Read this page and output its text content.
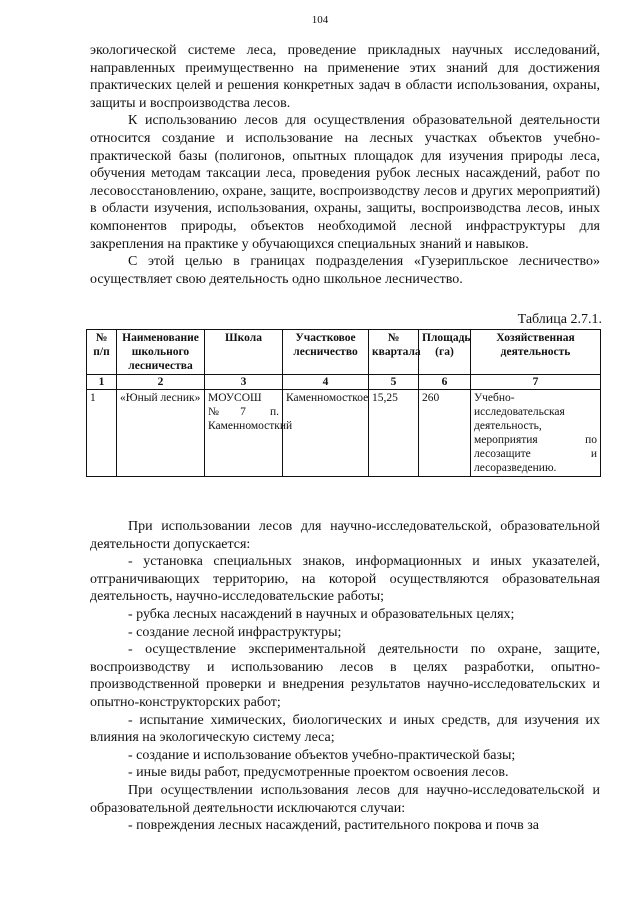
104

экологической системе леса, проведение прикладных научных исследований, направленных преимущественно на применение этих знаний для достижения практических целей и решения конкретных задач в области использования, охраны, защиты и воспроизводства лесов.

К использованию лесов для осуществления образовательной деятельности относится создание и использование на лесных участках объектов учебно-практической базы (полигонов, опытных площадок для изучения природы леса, обучения методам таксации леса, проведения рубок лесных насаждений, работ по лесовосстановлению, охране, защите, воспроизводству лесов и других мероприятий) в области изучения, использования, охраны, защиты, воспроизводства лесов, иных компонентов природы, объектов необходимой лесной инфраструктуры для закрепления на практике у обучающихся специальных знаний и навыков.

С этой целью в границах подразделения «Гузерипльское лесничество» осуществляет свою деятельность одно школьное лесничество.

Таблица 2.7.1.
№ п/п	Наименование школьного лесничества	Школа	Участковое лесничество	№ квартала	Площадь (га)	Хозяйственная деятельность
1	2	3	4	5	6	7
1	«Юный лесник»	МОУСОШ №7 п. Каменномосткий	Каменномосткое	15,25	260	Учебно-исследовательская деятельность, мероприятия по лесозащите и лесоразведению.

При использовании лесов для научно-исследовательской, образовательной деятельности допускается:

- установка специальных знаков, информационных и иных указателей, отграничивающих территорию, на которой осуществляются образовательная деятельность, научно-исследовательские работы;

- рубка лесных насаждений в научных и образовательных целях;

- создание лесной инфраструктуры;

- осуществление экспериментальной деятельности по охране, защите, воспроизводству и использованию лесов в целях разработки, опытно-производственной проверки и внедрения результатов научно-исследовательских и опытно-конструкторских работ;

- испытание химических, биологических и иных средств, для изучения их влияния на экологическую систему леса;

- создание и использование объектов учебно-практической базы;

- иные виды работ, предусмотренные проектом освоения лесов.

При осуществлении использования лесов для научно-исследовательской и образовательной деятельности исключаются случаи:

- повреждения лесных насаждений, растительного покрова и почв за
